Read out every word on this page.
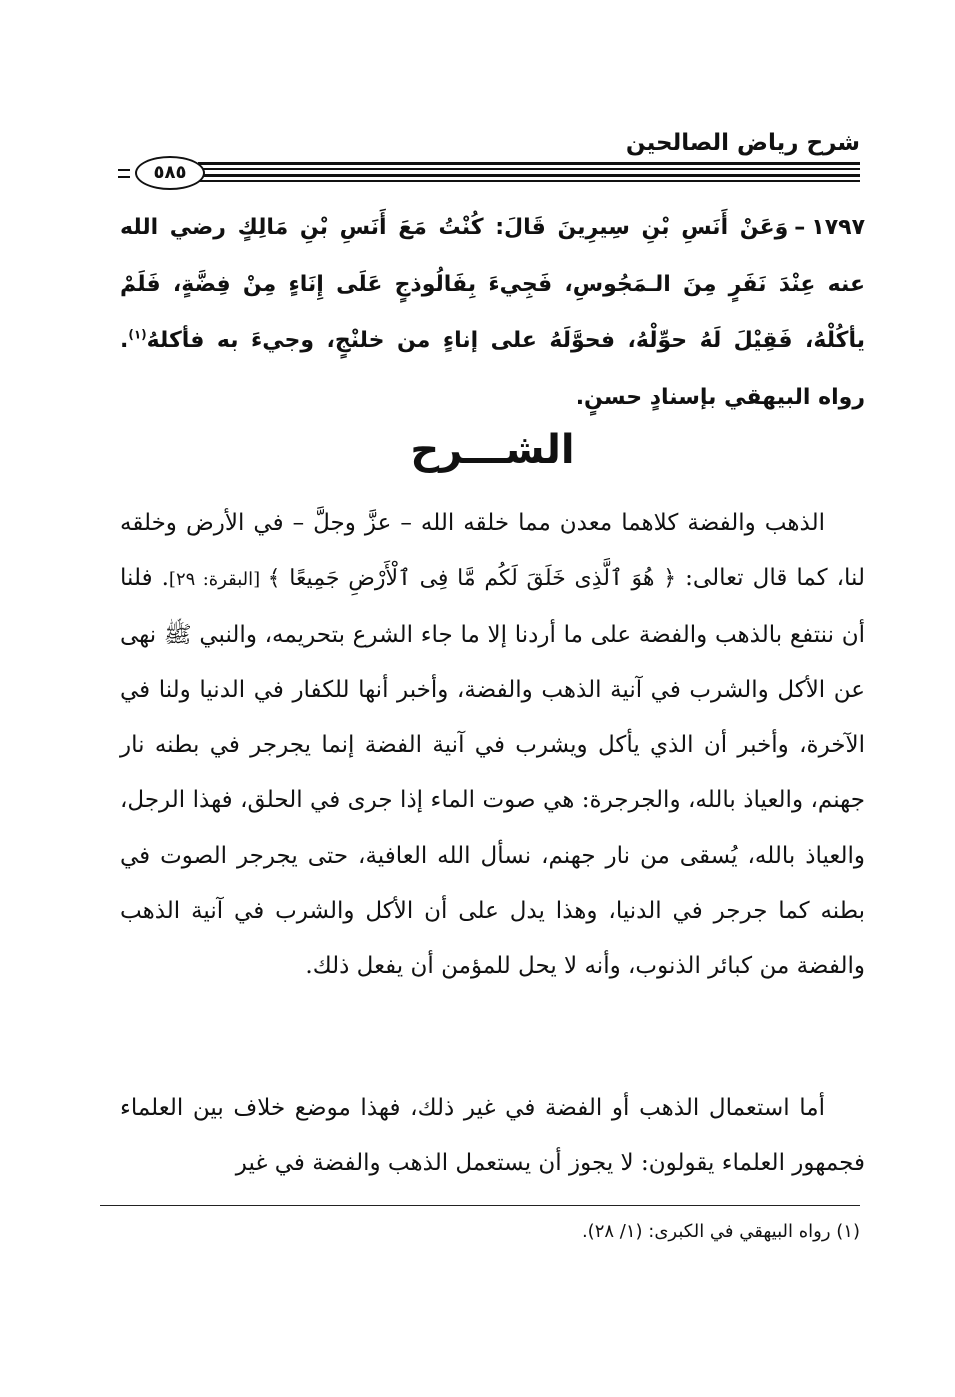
شرح رياض الصالحين
٥٨٥

١٧٩٧–وَعَنْ أَنَسِ بْنِ سِيرِينَ قَالَ: كُنْتُ مَعَ أَنَسِ بْنِ مَالِكٍ رضي الله عنه عِنْدَ نَفَرٍ مِنَ الـمَجُوسِ، فَجِيءَ بِفَالُوذجٍ عَلَى إِنَاءٍ مِنْ فِضَّةٍ، فَلَمْ يأكُلْهُ، فَقِيْلَ لَهُ حوِّلْهُ، فحوَّلَهُ على إناءٍ من خلنْجٍ، وجيءَ به فأكلهُ$^{(١)}$. رواه البيهقي بإسنادٍ حسنٍ.

الشـــرح

الذهب والفضة كلاهما معدن مما خلقه الله – عزَّ وجلَّ – في الأرض وخلقه لنا، كما قال تعالى: ﴿ هُوَ ٱلَّذِى خَلَقَ لَكُم مَّا فِى ٱلْأَرْضِ جَمِيعًا ﴾ [البقرة: ٢٩]. فلنا أن ننتفع بالذهب والفضة على ما أردنا إلا ما جاء الشرع بتحريمه، والنبي ﷺ نهى عن الأكل والشرب في آنية الذهب والفضة، وأخبر أنها للكفار في الدنيا ولنا في الآخرة، وأخبر أن الذي يأكل ويشرب في آنية الفضة إنما يجرجر في بطنه نار جهنم، والعياذ بالله، والجرجرة: هي صوت الماء إذا جرى في الحلق، فهذا الرجل، والعياذ بالله، يُسقى من نار جهنم، نسأل الله العافية، حتى يجرجر الصوت في بطنه كما جرجر في الدنيا، وهذا يدل على أن الأكل والشرب في آنية الذهب والفضة من كبائر الذنوب، وأنه لا يحل للمؤمن أن يفعل ذلك.

أما استعمال الذهب أو الفضة في غير ذلك، فهذا موضع خلاف بين العلماء فجمهور العلماء يقولون: لا يجوز أن يستعمل الذهب والفضة في غير

(١) رواه البيهقي في الكبرى: (١/ ٢٨).
